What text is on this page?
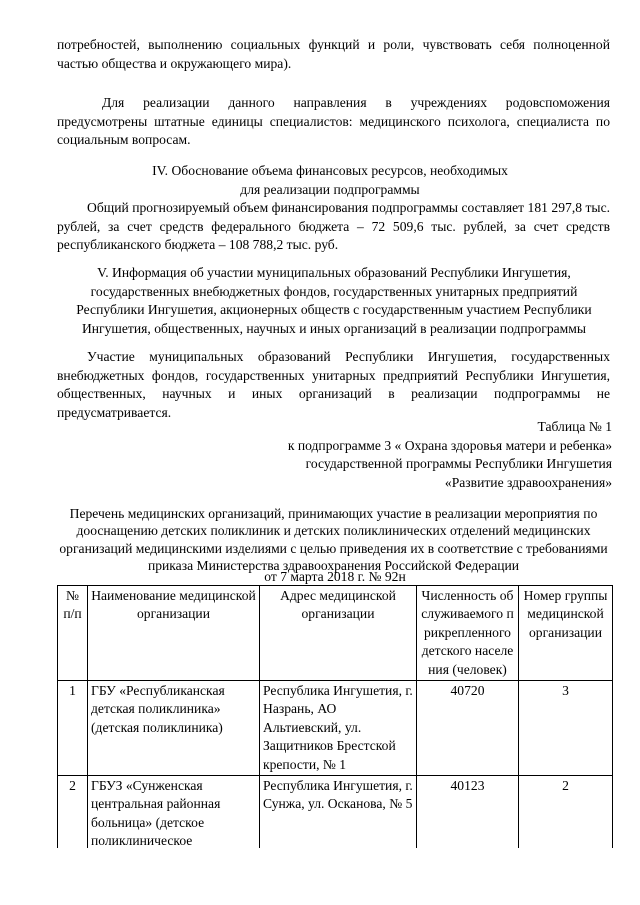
потребностей, выполнению социальных функций и роли, чувствовать себя полноценной частью общества и окружающего мира).

Для реализации данного направления в учреждениях родовспоможения предусмотрены штатные единицы специалистов: медицинского психолога, специалиста по социальным вопросам.

IV. Обоснование объема финансовых ресурсов, необходимых для реализации подпрограммы

Общий прогнозируемый объем финансирования подпрограммы составляет 181 297,8 тыс. рублей, за счет средств федерального бюджета – 72 509,6 тыс. рублей, за счет средств республиканского бюджета – 108 788,2 тыс. руб.

V. Информация об участии муниципальных образований Республики Ингушетия, государственных внебюджетных фондов, государственных унитарных предприятий Республики Ингушетия, акционерных обществ с государственным участием Республики Ингушетия, общественных, научных и иных организаций в реализации подпрограммы

Участие муниципальных образований Республики Ингушетия, государственных внебюджетных фондов, государственных унитарных предприятий Республики Ингушетия, общественных, научных и иных организаций в реализации подпрограммы не предусматривается.

Таблица № 1
к подпрограмме 3 « Охрана здоровья матери и ребенка»
государственной программы Республики Ингушетия
«Развитие здравоохранения»

Перечень медицинских организаций, принимающих участие в реализации мероприятия по дооснащению детских поликлиник и детских поликлинических отделений медицинских организаций медицинскими изделиями с целью приведения их в соответствие с требованиями приказа Министерства здравоохранения Российской Федерации

от 7 марта 2018 г. № 92н

№ п/п	Наименование медицинской организации	Адрес медицинской организации	Численность обслуживаемого прикрепленного детского населения (человек)	Номер группы медицинской организации
1	ГБУ «Республиканская детская поликлиника» (детская поликлиника)	Республика Ингушетия, г. Назрань, АО Альтиевский, ул. Защитников Брестской крепости, № 1	40720	3
2	ГБУЗ «Сунженская центральная районная больница» (детское поликлиническое	Республика Ингушетия, г. Сунжа, ул. Осканова, № 5	40123	2
